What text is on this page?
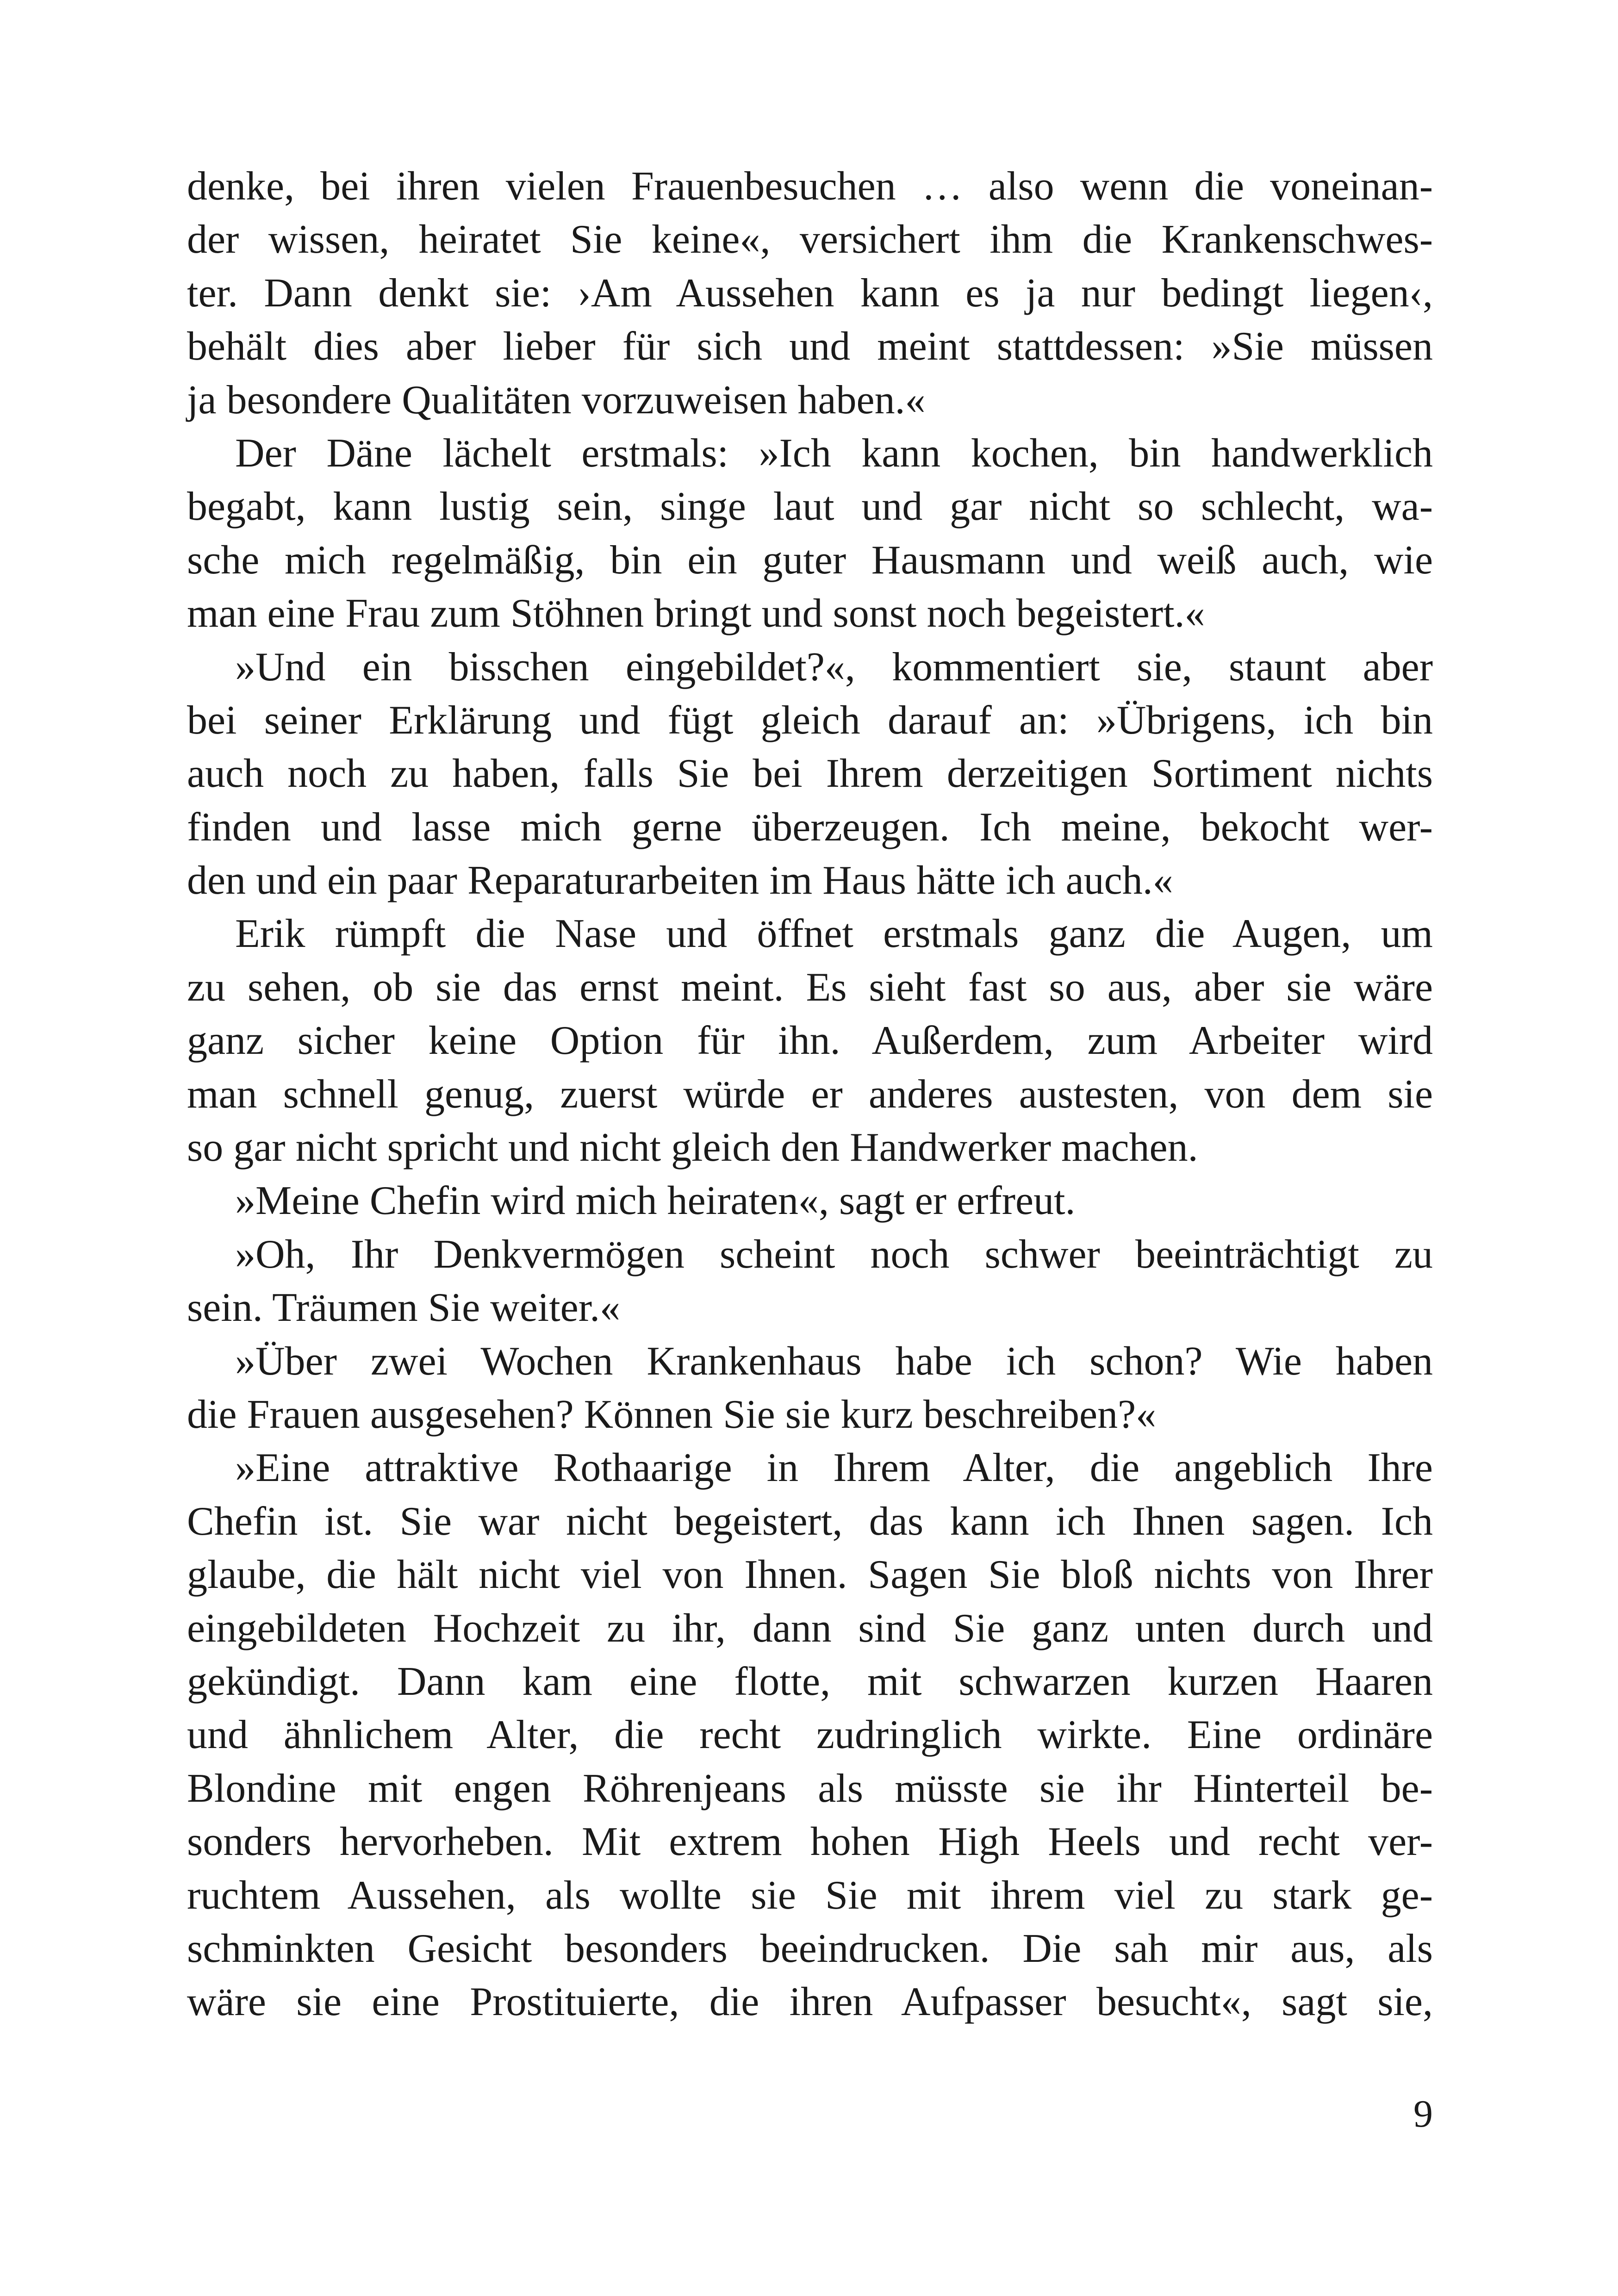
denke, bei ihren vielen Frauenbesuchen … also wenn die voneinan-
der wissen, heiratet Sie keine«, versichert ihm die Krankenschwes-
ter. Dann denkt sie: ›Am Aussehen kann es ja nur bedingt liegen‹,
behält dies aber lieber für sich und meint stattdessen: »Sie müssen
ja besondere Qualitäten vorzuweisen haben.«
Der Däne lächelt erstmals: »Ich kann kochen, bin handwerklich
begabt, kann lustig sein, singe laut und gar nicht so schlecht, wa-
sche mich regelmäßig, bin ein guter Hausmann und weiß auch, wie
man eine Frau zum Stöhnen bringt und sonst noch begeistert.«
»Und ein bisschen eingebildet?«, kommentiert sie, staunt aber
bei seiner Erklärung und fügt gleich darauf an: »Übrigens, ich bin
auch noch zu haben, falls Sie bei Ihrem derzeitigen Sortiment nichts
finden und lasse mich gerne überzeugen. Ich meine, bekocht wer-
den und ein paar Reparaturarbeiten im Haus hätte ich auch.«
Erik rümpft die Nase und öffnet erstmals ganz die Augen, um
zu sehen, ob sie das ernst meint. Es sieht fast so aus, aber sie wäre
ganz sicher keine Option für ihn. Außerdem, zum Arbeiter wird
man schnell genug, zuerst würde er anderes austesten, von dem sie
so gar nicht spricht und nicht gleich den Handwerker machen.
»Meine Chefin wird mich heiraten«, sagt er erfreut.
»Oh, Ihr Denkvermögen scheint noch schwer beeinträchtigt zu
sein. Träumen Sie weiter.«
»Über zwei Wochen Krankenhaus habe ich schon? Wie haben
die Frauen ausgesehen? Können Sie sie kurz beschreiben?«
»Eine attraktive Rothaarige in Ihrem Alter, die angeblich Ihre
Chefin ist. Sie war nicht begeistert, das kann ich Ihnen sagen. Ich
glaube, die hält nicht viel von Ihnen. Sagen Sie bloß nichts von Ihrer
eingebildeten Hochzeit zu ihr, dann sind Sie ganz unten durch und
gekündigt. Dann kam eine flotte, mit schwarzen kurzen Haaren
und ähnlichem Alter, die recht zudringlich wirkte. Eine ordinäre
Blondine mit engen Röhrenjeans als müsste sie ihr Hinterteil be-
sonders hervorheben. Mit extrem hohen High Heels und recht ver-
ruchtem Aussehen, als wollte sie Sie mit ihrem viel zu stark ge-
schminkten Gesicht besonders beeindrucken. Die sah mir aus, als
wäre sie eine Prostituierte, die ihren Aufpasser besucht«, sagt sie,
9
